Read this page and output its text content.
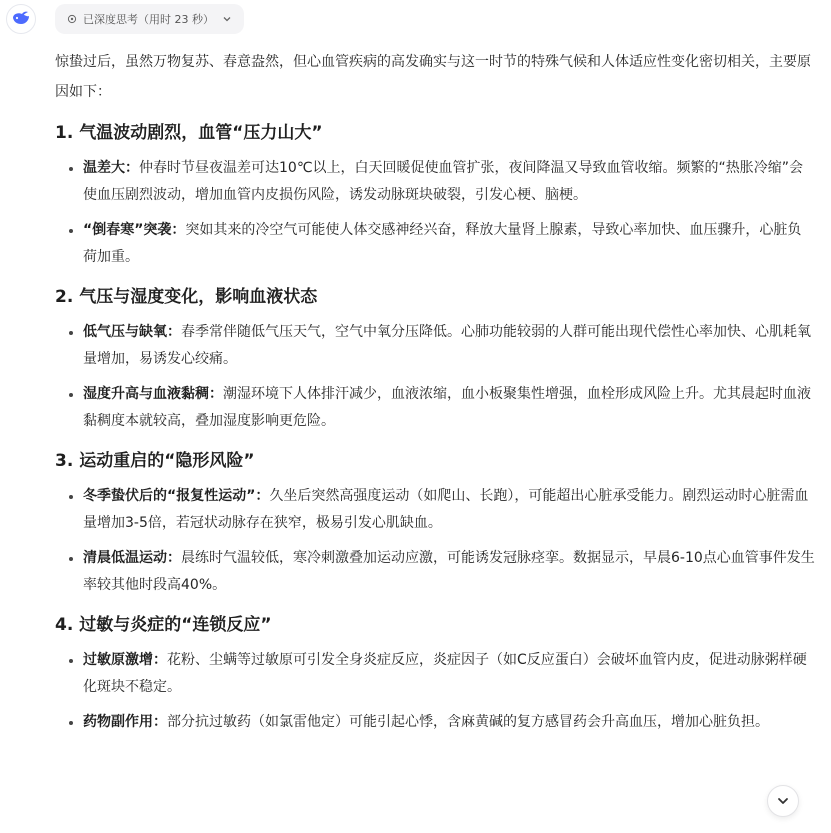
已深度思考（用时 23 秒）

惊蛰过后，虽然万物复苏、春意盎然，但心血管疾病的高发确实与这一时节的特殊气候和人体适应性变化密切相关，主要原因如下：

1. 气温波动剧烈，血管“压力山大”
温差大：仲春时节昼夜温差可达10℃以上，白天回暖促使血管扩张，夜间降温又导致血管收缩。频繁的“热胀冷缩”会使血压剧烈波动，增加血管内皮损伤风险，诱发动脉斑块破裂，引发心梗、脑梗。
“倒春寒”突袭：突如其来的冷空气可能使人体交感神经兴奋，释放大量肾上腺素，导致心率加快、血压骤升，心脏负荷加重。
2. 气压与湿度变化，影响血液状态
低气压与缺氧：春季常伴随低气压天气，空气中氧分压降低。心肺功能较弱的人群可能出现代偿性心率加快、心肌耗氧量增加，易诱发心绞痛。
湿度升高与血液黏稠：潮湿环境下人体排汗减少，血液浓缩，血小板聚集性增强，血栓形成风险上升。尤其晨起时血液黏稠度本就较高，叠加湿度影响更危险。
3. 运动重启的“隐形风险”
冬季蛰伏后的“报复性运动”：久坐后突然高强度运动（如爬山、长跑），可能超出心脏承受能力。剧烈运动时心脏需血量增加3-5倍，若冠状动脉存在狭窄，极易引发心肌缺血。
清晨低温运动：晨练时气温较低，寒冷刺激叠加运动应激，可能诱发冠脉痉挛。数据显示，早晨6-10点心血管事件发生率较其他时段高40%。
4. 过敏与炎症的“连锁反应”
过敏原激增：花粉、尘螨等过敏原可引发全身炎症反应，炎症因子（如C反应蛋白）会破坏血管内皮，促进动脉粥样硬化斑块不稳定。
药物副作用：部分抗过敏药（如氯雷他定）可能引起心悸，含麻黄碱的复方感冒药会升高血压，增加心脏负担。
